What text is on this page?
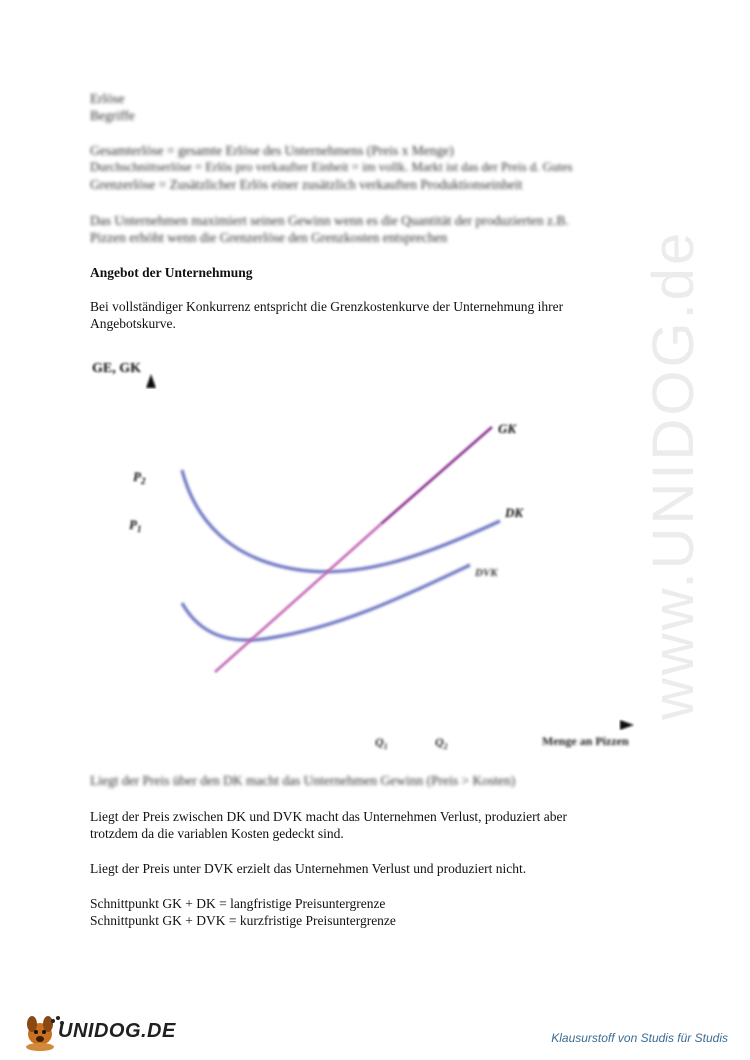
www.UNIDOG.de

Erlöse

Begriffe

Gesamterlöse = gesamte Erlöse des Unternehmens (Preis x Menge)

Durchschnittserlöse = Erlös pro verkaufter Einheit = im vollk. Markt ist das der Preis d. Gutes

Grenzerlöse = Zusätzlicher Erlös einer zusätzlich verkauften Produktionseinheit

Das Unternehmen maximiert seinen Gewinn wenn es die Quantität der produzierten z.B.

Pizzen erhöht wenn die Grenzerlöse den Grenzkosten entsprechen

Angebot der Unternehmung

Bei vollständiger Konkurrenz entspricht die Grenzkostenkurve der Unternehmung ihrer

Angebotskurve.

GE, GK
Menge an Pizzen
$P_2$
$P_1$
$Q_1$	$Q_2$
GK
DK
DVK

Liegt der Preis über den DK macht das Unternehmen Gewinn (Preis > Kosten)

Liegt der Preis zwischen DK und DVK macht das Unternehmen Verlust, produziert aber

trotzdem da die variablen Kosten gedeckt sind.

Liegt der Preis unter DVK erzielt das Unternehmen Verlust und produziert nicht.

Schnittpunkt GK + DK = langfristige Preisuntergrenze

Schnittpunkt GK + DVK = kurzfristige Preisuntergrenze

UNIDOG.DE	Klausurstoff von Studis für Studis
